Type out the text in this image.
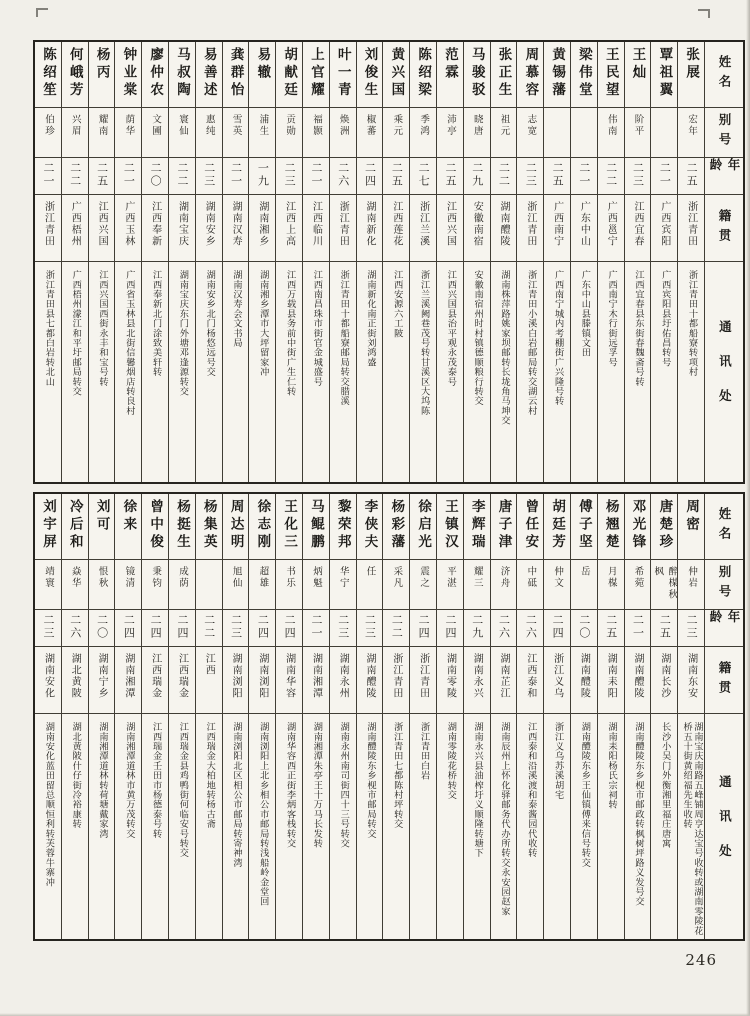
姓名
别号
年龄
籍贯
通讯处
张展
宏年
二五
浙江青田
浙江青田十都船寮转项村
覃祖翼
二一
广西宾阳
广西宾阳县圩佑昌转号
王灿
阶平
二三
江西宜春
江西宜春县东街春魏斋号转
王民望
伟南
二二
广西邕宁
广西南宁木行街远孚号
梁伟堂
二一
广东中山
广东中山县滕镇文田
黄锡藩
二五
广西南宁
广西南宁城内考棚街广兴隆号转
周慕容
志宽
二三
浙江青田
浙江青田小溪白岩邮局转交湖云村
张正生
祖元
二二
湖南醴陵
湖南株萍路姚家坝邮转长垅角马坤交
马骏驳
晓唐
二九
安徽南宿
安徽南宿州时村镇德顺粮行转交
范霖
沛亭
二五
江西兴国
江西兴国县治平观永茂泰号
陈绍梁
季鸿
二七
浙江兰溪
浙江兰溪阙巷茂号转甘溪区大坞陈
黄兴国
乘元
二五
江西莲花
江西安源六工陂
刘俊生
椒蕃
二四
湖南新化
湖南新化南正街刘鸿盛
叶一青
焕洲
二六
浙江青田
浙江青田十都船寮邮局转交腊溪
上官耀
福颢
二一
江西临川
江西南昌珠市街官金城盛号
胡献廷
贡勋
二三
江西上高
江西万载县务前中街广生仁转
易辙
浦生
一九
湖南湘乡
湖南湘乡潭市大坪留家冲
龚群怡
雪英
二一
湖南汉寿
湖南汉寿会文书局
易善述
惠纯
二三
湖南安乡
湖南安乡北门杨悠远号交
马叔陶
寰仙
二二
湖南宝庆
湖南宝庆东门外塘邓逢源转交
廖仲农
文圃
二〇
江西奉新
江西奉新北门涂致美轩转
钟业棠
荫华
二一
广西玉林
广西省玉林县北街信馨烟店转良村
杨丙
耀南
二五
江西兴国
江西兴国西街永丰和宝号转
何峨芳
兴眉
二二
广西梧州
广西梧州濛江和平圩邮局转交
陈绍笙
伯珍
二一
浙江青田
浙江青田县七都白岩转北山
姓名
别号
年龄
籍贯
通讯处
周密
仲岩
二三
湖南东安
湖南宝庆南路五峰铺周亨达宝号收转或湖南零陵花桥五十街黄绍福先生收转
唐楚珍
醉楳秋枫
二五
湖南长沙
长沙小吴门外衡湘里福庄唐寓
邓光锋
希菀
二一
湖南醴陵
湖南醴陵东乡枧市邮政转枫树坪路义发号交
杨翘楚
月楳
二五
湖南耒阳
湖南耒阳杨氏宗祠转
傅子坚
岳
二〇
湖南醴陵
湖南醴陵东乡王仙镇傅来信号转交
胡廷芳
仲文
二四
浙江义乌
浙江义乌苏溪胡宅
曾任安
中砥
二六
江西泰和
江西泰和沿溪渡和泰酱园代收转
唐子津
济舟
二六
湖南芷江
湖南辰州上怀化驿邮务代办所转交永安园赵家
李辉瑞
耀三
二九
湖南永兴
湖南永兴县油榨圩义顺隆转塘下
王镇汉
平湛
二四
湖南零陵
湖南零陵花桥转交
徐启光
震之
二四
浙江青田
浙江青田白岩
杨彩藩
采凡
二二
浙江青田
浙江青田七都陈村坪转交
李侠夫
任
二三
湖南醴陵
湖南醴陵东乡枧市邮局转交
黎荣邦
华宁
二三
湖南永州
湖南永州南司街四十三号转交
马鲲鹏
炳魁
二一
湖南湘潭
湖南湘潭朱亭王十万马长发转
王化三
书乐
二四
湖南华容
湖南华容西正街李炳客栈转交
徐志刚
超雄
二四
湖南浏阳
湖南浏阳上北乡相公市邮局转浅船岭金堂回
周达明
旭仙
二三
湖南浏阳
湖南浏阳北区相公市邮局转寄神湾
杨集英
二二
江西
江西瑞金大柏地转杨古斋
杨挺生
成荫
二四
江西瑞金
江西瑞金县鸡鸭街何临安号转交
曾中俊
秉钧
二四
江西瑞金
江西瑞金壬田市杨德泰号转
徐来
镜清
二四
湖南湘潭
湖南湘潭道林市黄万茂转交
刘可
恨秋
二〇
湖南宁乡
湖南湘潭道林转荷塘戴家湾
冷后和
焱华
二六
湖北黄陂
湖北黄陂什仔街冷裕康转
刘宇屏
靖寰
二三
湖南安化
湖南安化蓝田留总顺恒利转芙蓉牛寨冲
246
